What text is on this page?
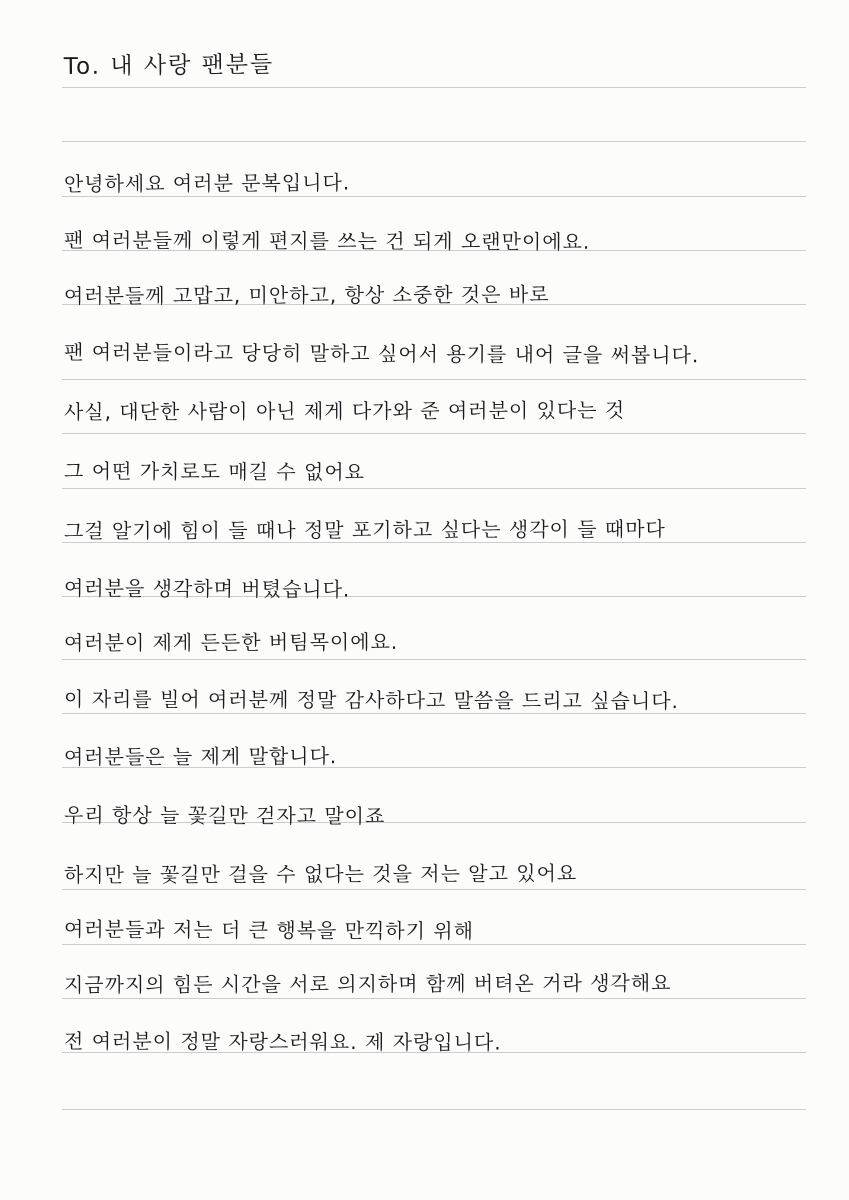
To. 내 사랑 팬분들
안녕하세요 여러분 문복입니다.
팬 여러분들께 이렇게 편지를 쓰는 건 되게 오랜만이에요.
여러분들께 고맙고, 미안하고, 항상 소중한 것은 바로
팬 여러분들이라고 당당히 말하고 싶어서 용기를 내어 글을 써봅니다.
사실, 대단한 사람이 아닌 제게 다가와 준 여러분이 있다는 것
그 어떤 가치로도 매길 수 없어요
그걸 알기에 힘이 들 때나 정말 포기하고 싶다는 생각이 들 때마다
여러분을 생각하며 버텼습니다.
여러분이 제게 든든한 버팀목이에요.
이 자리를 빌어 여러분께 정말 감사하다고 말씀을 드리고 싶습니다.
여러분들은 늘 제게 말합니다.
우리 항상 늘 꽃길만 걷자고 말이죠
하지만 늘 꽃길만 걸을 수 없다는 것을 저는 알고 있어요
여러분들과 저는 더 큰 행복을 만끽하기 위해
지금까지의 힘든 시간을 서로 의지하며 함께 버텨온 거라 생각해요
전 여러분이 정말 자랑스러워요. 제 자랑입니다.
